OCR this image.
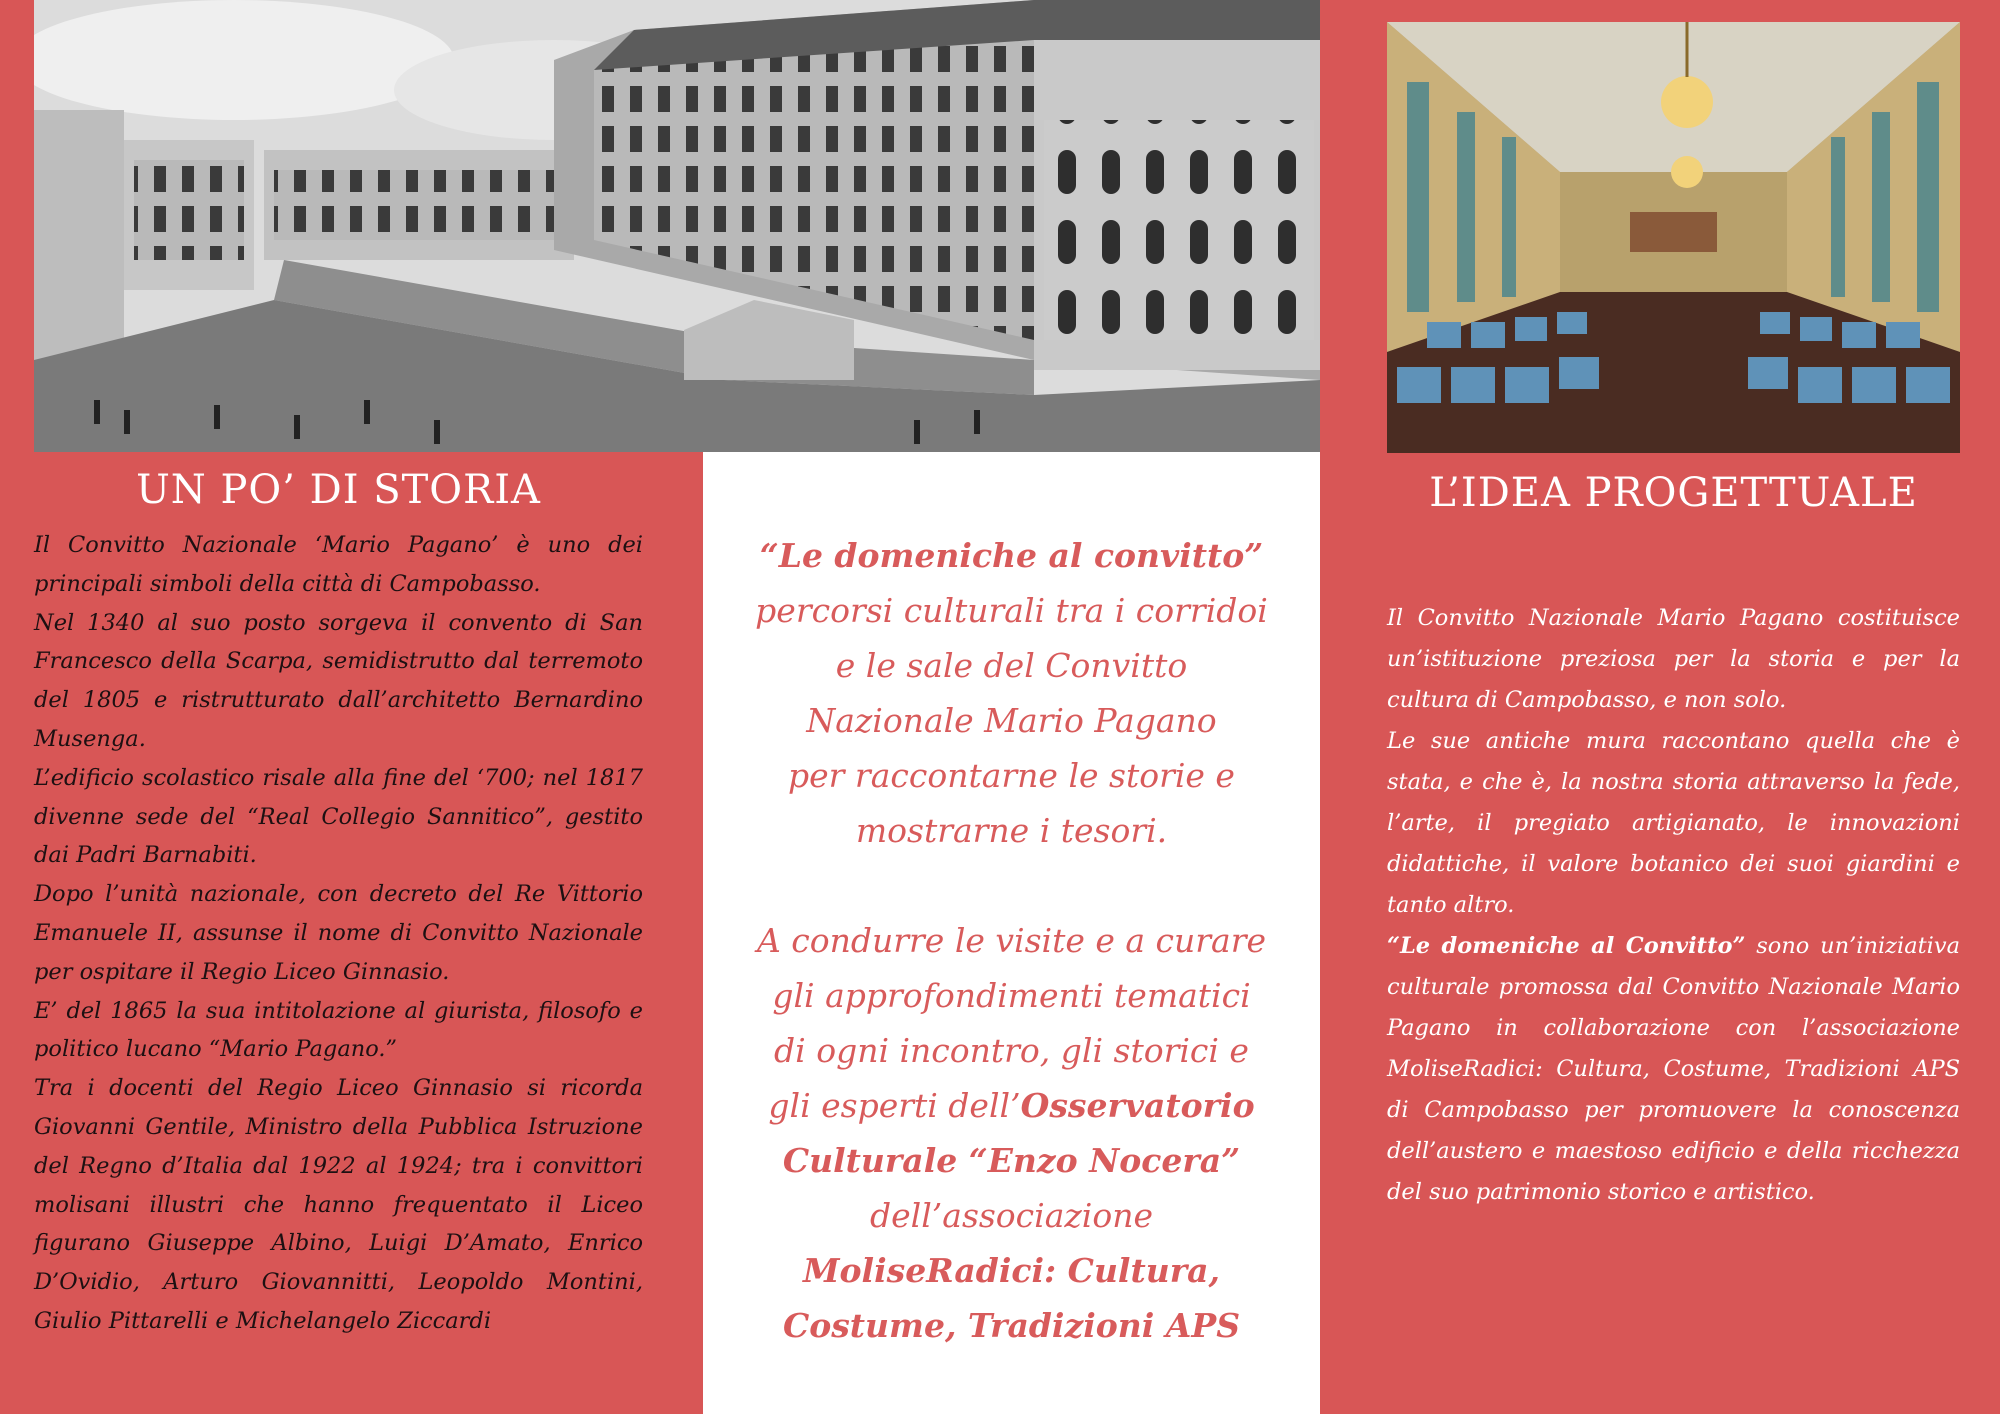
UN PO’ DI STORIA

Il Convitto Nazionale ‘Mario Pagano’ è uno dei principali simboli della città di Campobasso.

Nel 1340 al suo posto sorgeva il convento di San Francesco della Scarpa, semidistrutto dal terremoto del 1805 e ristrutturato dall’architetto Bernardino Musenga.

L’edificio scolastico risale alla fine del ‘700; nel 1817 divenne sede del “Real Collegio Sannitico”, gestito dai Padri Barnabiti.

Dopo l’unità nazionale, con decreto del Re Vittorio Emanuele II, assunse il nome di Convitto Nazionale per ospitare il Regio Liceo Ginnasio.

E’ del 1865 la sua intitolazione al giurista, filosofo e politico lucano “Mario Pagano.”

Tra i docenti del Regio Liceo Ginnasio si ricorda Giovanni Gentile, Ministro della Pubblica Istruzione del Regno d’Italia dal 1922 al 1924; tra i convittori molisani illustri che hanno frequentato il Liceo figurano Giuseppe Albino, Luigi D’Amato, Enrico D’Ovidio, Arturo Giovannitti, Leopoldo Montini, Giulio Pittarelli e Michelangelo Ziccardi

“Le domeniche al convitto”

percorsi culturali tra i corridoi

e le sale del Convitto

Nazionale Mario Pagano

per raccontarne le storie e

mostrarne i tesori.

A condurre le visite e a curare

gli approfondimenti tematici

di ogni incontro, gli storici e

gli esperti dell’Osservatorio

Culturale “Enzo Nocera”

dell’associazione

MoliseRadici: Cultura,

Costume, Tradizioni APS

L’IDEA PROGETTUALE

Il Convitto Nazionale Mario Pagano costituisce un’istituzione preziosa per la storia e per la cultura di Campobasso, e non solo.

Le sue antiche mura raccontano quella che è stata, e che è, la nostra storia attraverso la fede, l’arte, il pregiato artigianato, le innovazioni didattiche, il valore botanico dei suoi giardini e tanto altro.

“Le domeniche al Convitto” sono un’iniziativa culturale promossa dal Convitto Nazionale Mario Pagano in collaborazione con l’associazione MoliseRadici: Cultura, Costume, Tradizioni APS di Campobasso per promuovere la conoscenza dell’austero e maestoso edificio e della ricchezza del suo patrimonio storico e artistico.
